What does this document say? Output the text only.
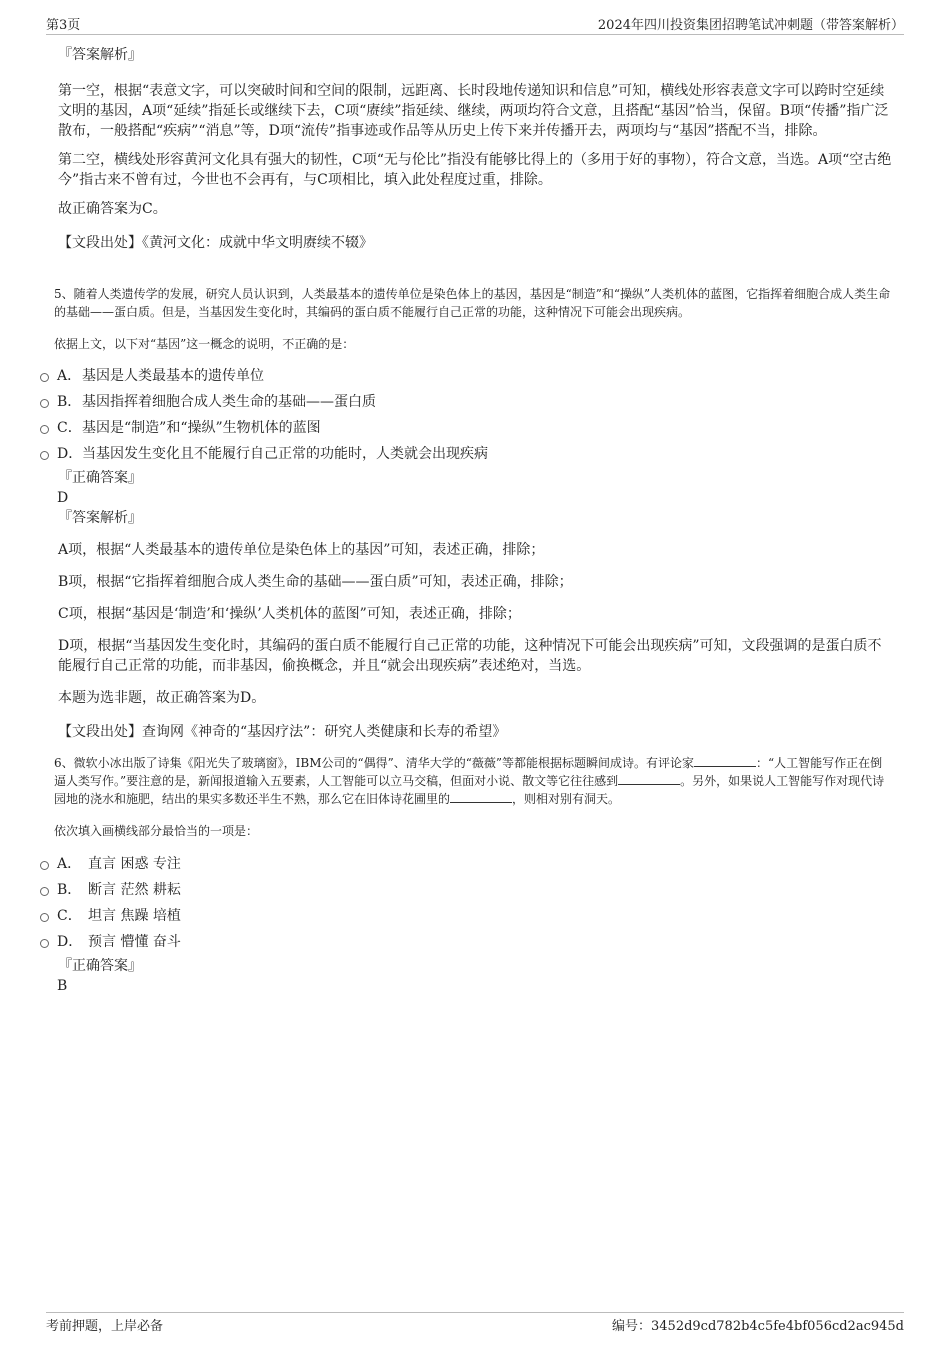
第3页	2024年四川投资集团招聘笔试冲刺题（带答案解析）

『答案解析』

第一空，根据“表意文字，可以突破时间和空间的限制，远距离、长时段地传递知识和信息”可知，横线处形容表意文字可以跨时空延续文明的基因，A项“延续”指延长或继续下去，C项“赓续”指延续、继续，两项均符合文意，且搭配“基因”恰当，保留。B项“传播”指广泛散布，一般搭配“疾病”“消息”等，D项“流传”指事迹或作品等从历史上传下来并传播开去，两项均与“基因”搭配不当，排除。

第二空，横线处形容黄河文化具有强大的韧性，C项“无与伦比”指没有能够比得上的（多用于好的事物），符合文意，当选。A项“空古绝今”指古来不曾有过，今世也不会再有，与C项相比，填入此处程度过重，排除。

故正确答案为C。

【文段出处】《黄河文化：成就中华文明赓续不辍》

5、随着人类遗传学的发展，研究人员认识到，人类最基本的遗传单位是染色体上的基因，基因是“制造”和“操纵”人类机体的蓝图，它指挥着细胞合成人类生命的基础——蛋白质。但是，当基因发生变化时，其编码的蛋白质不能履行自己正常的功能，这种情况下可能会出现疾病。

依据上文，以下对“基因”这一概念的说明，不正确的是：

A． 基因是人类最基本的遗传单位
B． 基因指挥着细胞合成人类生命的基础——蛋白质
C． 基因是“制造”和“操纵”生物机体的蓝图
D． 当基因发生变化且不能履行自己正常的功能时，人类就会出现疾病

『正确答案』

D

『答案解析』

A项，根据“人类最基本的遗传单位是染色体上的基因”可知，表述正确，排除；

B项，根据“它指挥着细胞合成人类生命的基础——蛋白质”可知，表述正确，排除；

C项，根据“基因是‘制造’和‘操纵’人类机体的蓝图”可知，表述正确，排除；

D项，根据“当基因发生变化时，其编码的蛋白质不能履行自己正常的功能，这种情况下可能会出现疾病”可知，文段强调的是蛋白质不能履行自己正常的功能，而非基因，偷换概念，并且“就会出现疾病”表述绝对，当选。

本题为选非题，故正确答案为D。

【文段出处】查询网《神奇的“基因疗法”：研究人类健康和长寿的希望》

6、微软小冰出版了诗集《阳光失了玻璃窗》，IBM公司的“偶得”、清华大学的“薇薇”等都能根据标题瞬间成诗。有评论家	：“人工智能写作正在倒逼人类写作。”要注意的是，新闻报道输入五要素，人工智能可以立马交稿，但面对小说、散文等它往往感到	。另外，如果说人工智能写作对现代诗园地的浇水和施肥，结出的果实多数还半生不熟，那么它在旧体诗花圃里的	，则相对别有洞天。

依次填入画横线部分最恰当的一项是：

A． 直言 困惑 专注
B． 断言 茫然 耕耘
C． 坦言 焦躁 培植
D． 预言 懵懂 奋斗

『正确答案』

B

考前押题，上岸必备	编号：3452d9cd782b4c5fe4bf056cd2ac945d
